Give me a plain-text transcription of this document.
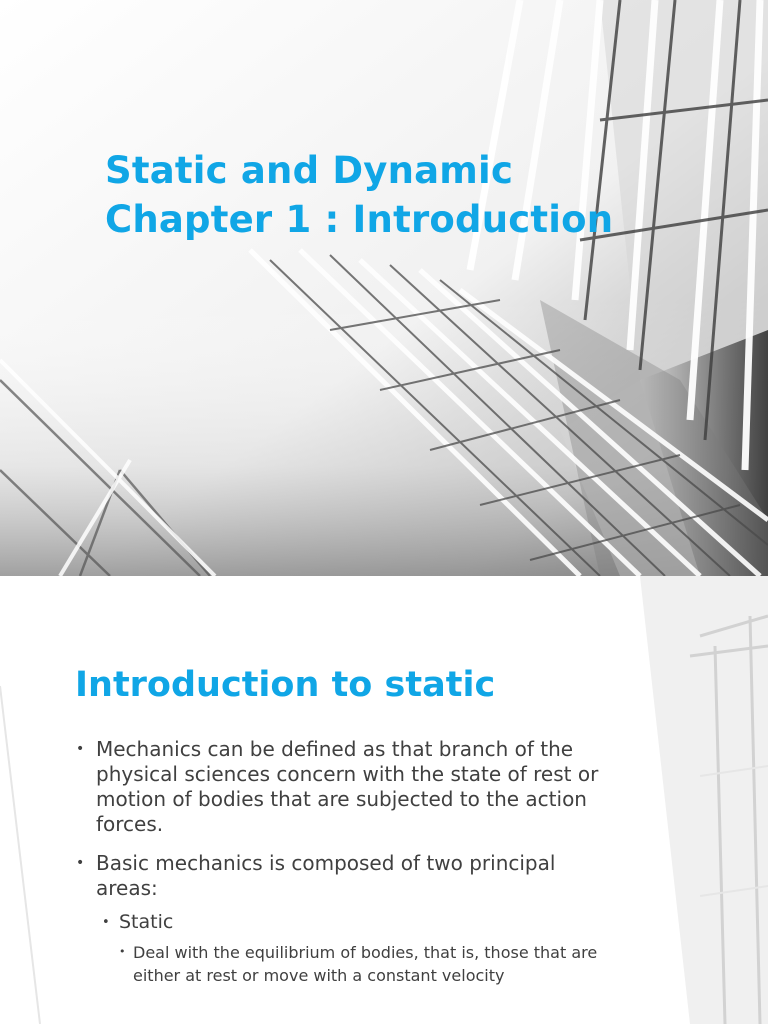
Static and Dynamic
Chapter 1 : Introduction
Introduction to static
• Mechanics can be defined as that branch of the physical sciences concern with the state of rest or motion of bodies that are subjected to the action forces.
• Basic mechanics is composed of two principal areas:
• Static
• Deal with the equilibrium of bodies, that is, those that are either at rest or move with a constant velocity
